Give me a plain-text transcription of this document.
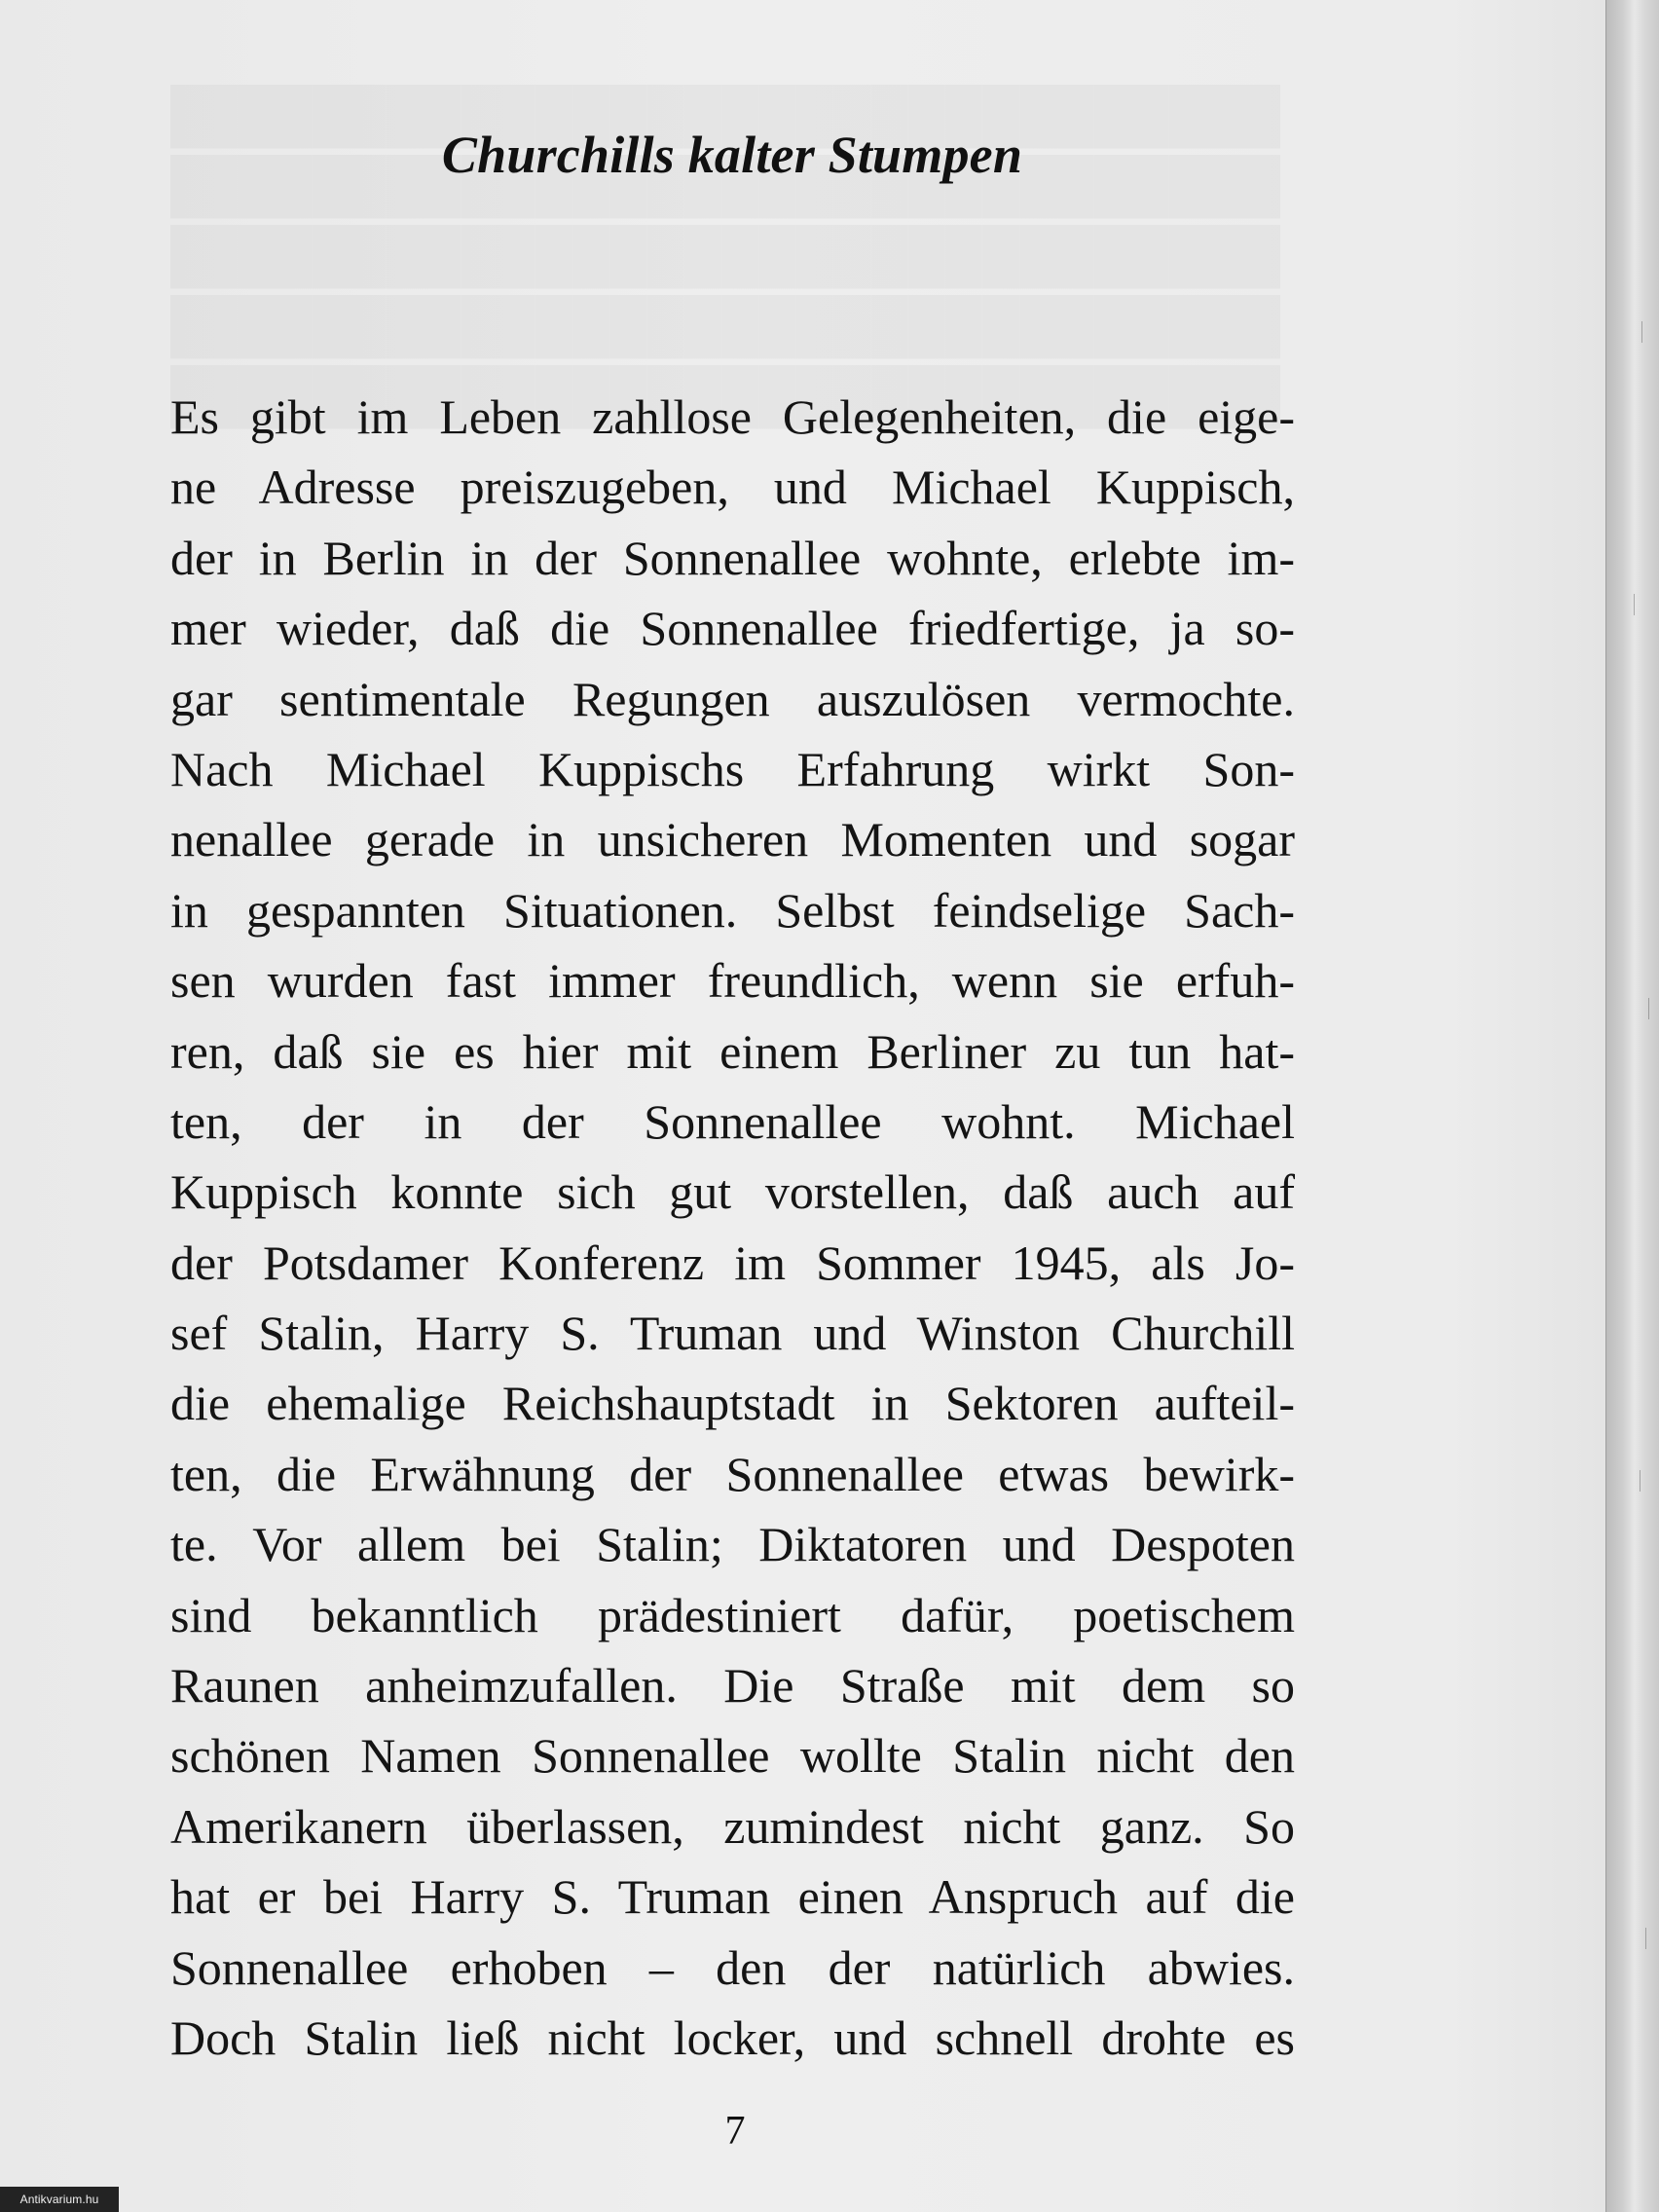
Churchills kalter Stumpen
Es gibt im Leben zahllose Gelegenheiten, die eige-
ne Adresse preiszugeben, und Michael Kuppisch,
der in Berlin in der Sonnenallee wohnte, erlebte im-
mer wieder, daß die Sonnenallee friedfertige, ja so-
gar sentimentale Regungen auszulösen vermochte.
Nach Michael Kuppischs Erfahrung wirkt Son-
nenallee gerade in unsicheren Momenten und sogar
in gespannten Situationen. Selbst feindselige Sach-
sen wurden fast immer freundlich, wenn sie erfuh-
ren, daß sie es hier mit einem Berliner zu tun hat-
ten, der in der Sonnenallee wohnt. Michael
Kuppisch konnte sich gut vorstellen, daß auch auf
der Potsdamer Konferenz im Sommer 1945, als Jo-
sef Stalin, Harry S. Truman und Winston Churchill
die ehemalige Reichshauptstadt in Sektoren aufteil-
ten, die Erwähnung der Sonnenallee etwas bewirk-
te. Vor allem bei Stalin; Diktatoren und Despoten
sind bekanntlich prädestiniert dafür, poetischem
Raunen anheimzufallen. Die Straße mit dem so
schönen Namen Sonnenallee wollte Stalin nicht den
Amerikanern überlassen, zumindest nicht ganz. So
hat er bei Harry S. Truman einen Anspruch auf die
Sonnenallee erhoben – den der natürlich abwies.
Doch Stalin ließ nicht locker, und schnell drohte es
7
Antikvarium.hu
